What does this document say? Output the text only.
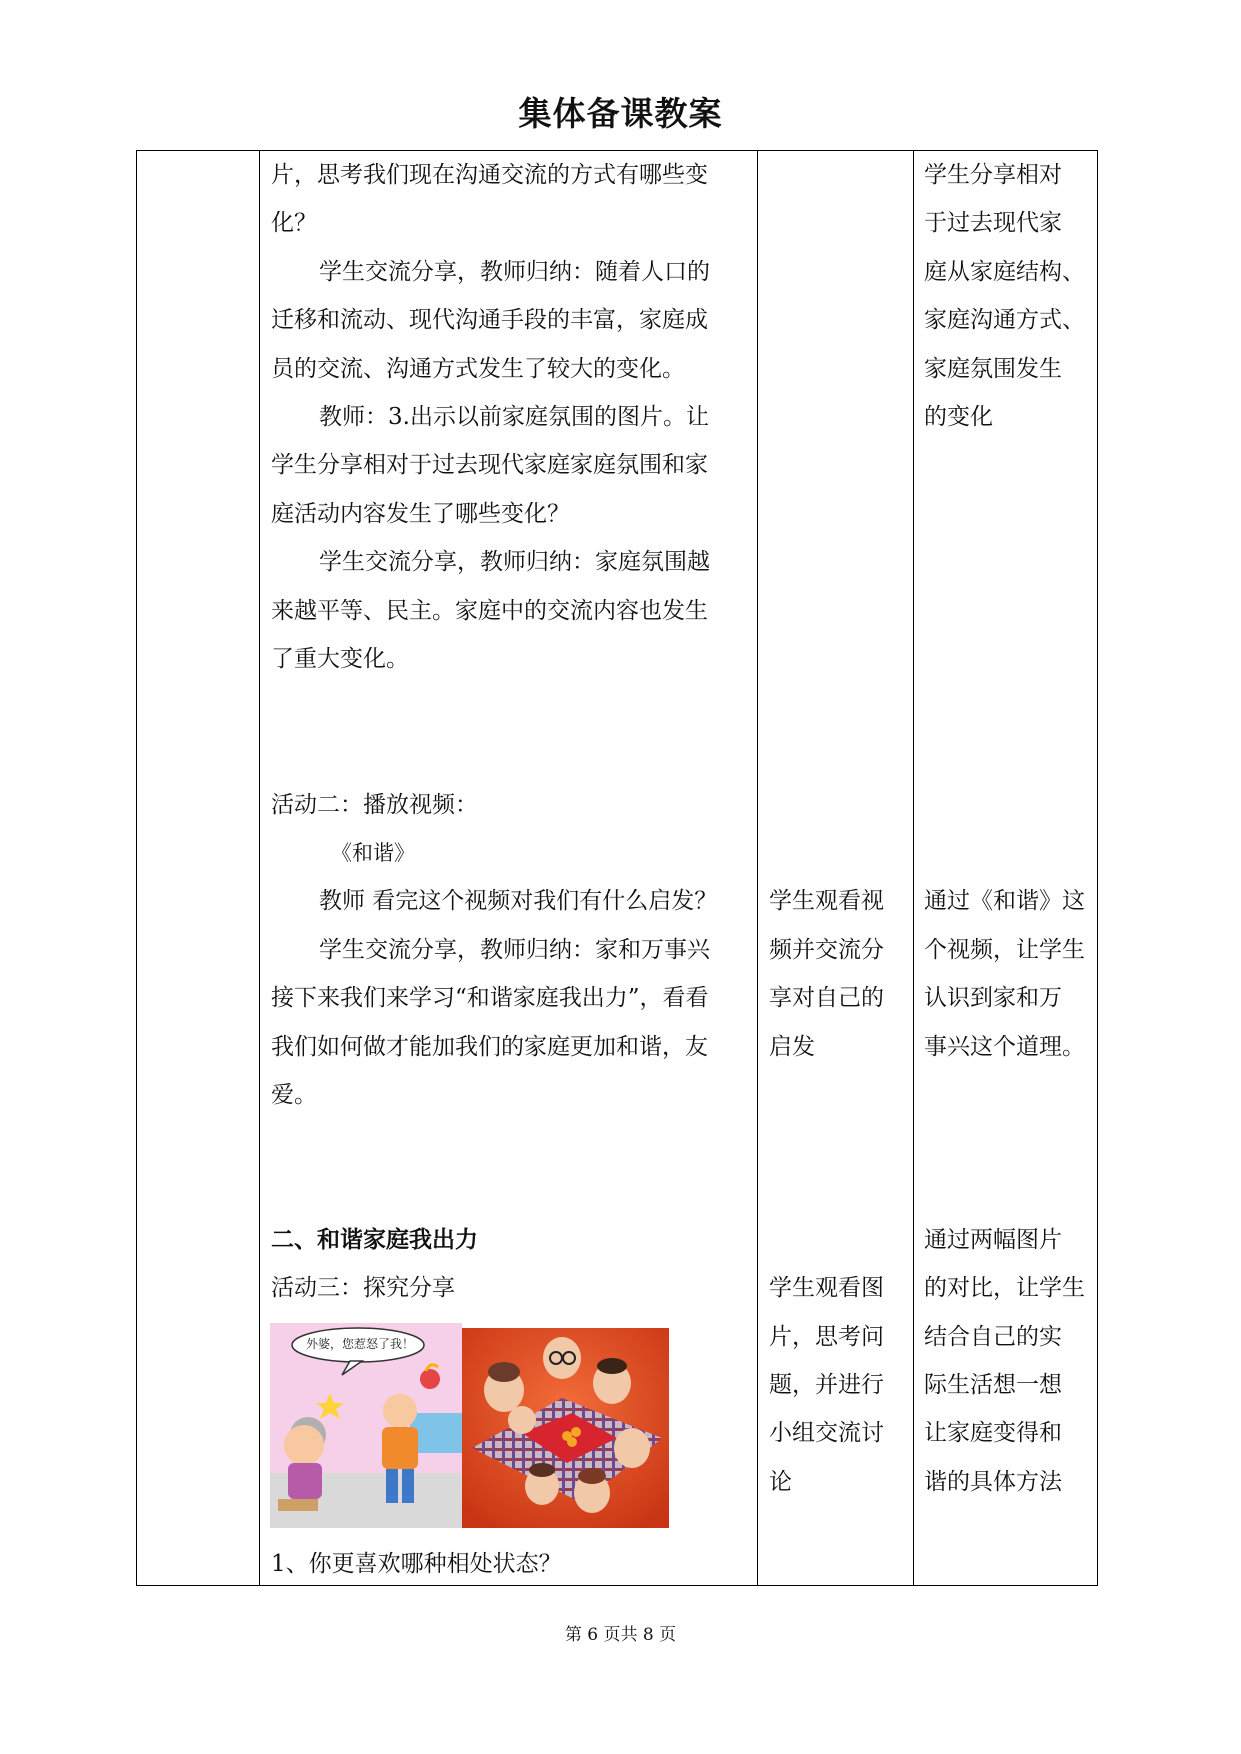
集体备课教案
片，思考我们现在沟通交流的方式有哪些变
化？
学生交流分享，教师归纳：随着人口的
迁移和流动、现代沟通手段的丰富，家庭成
员的交流、沟通方式发生了较大的变化。
教师：3.出示以前家庭氛围的图片。让
学生分享相对于过去现代家庭家庭氛围和家
庭活动内容发生了哪些变化？
学生交流分享，教师归纳：家庭氛围越
来越平等、民主。家庭中的交流内容也发生
了重大变化。
活动二：播放视频：
《和谐》
教师 看完这个视频对我们有什么启发？
学生交流分享，教师归纳：家和万事兴
接下来我们来学习“和谐家庭我出力”，看看
我们如何做才能加我们的家庭更加和谐，友
爱。
二、和谐家庭我出力
活动三：探究分享
1、你更喜欢哪种相处状态？
外婆，您惹怒了我！
学生观看视
频并交流分
享对自己的
启发
学生观看图
片，思考问
题，并进行
小组交流讨
论
学生分享相对
于过去现代家
庭从家庭结构、
家庭沟通方式、
家庭氛围发生
的变化
通过《和谐》这
个视频，让学生
认识到家和万
事兴这个道理。
通过两幅图片
的对比，让学生
结合自己的实
际生活想一想
让家庭变得和
谐的具体方法
第 6 页共 8 页
